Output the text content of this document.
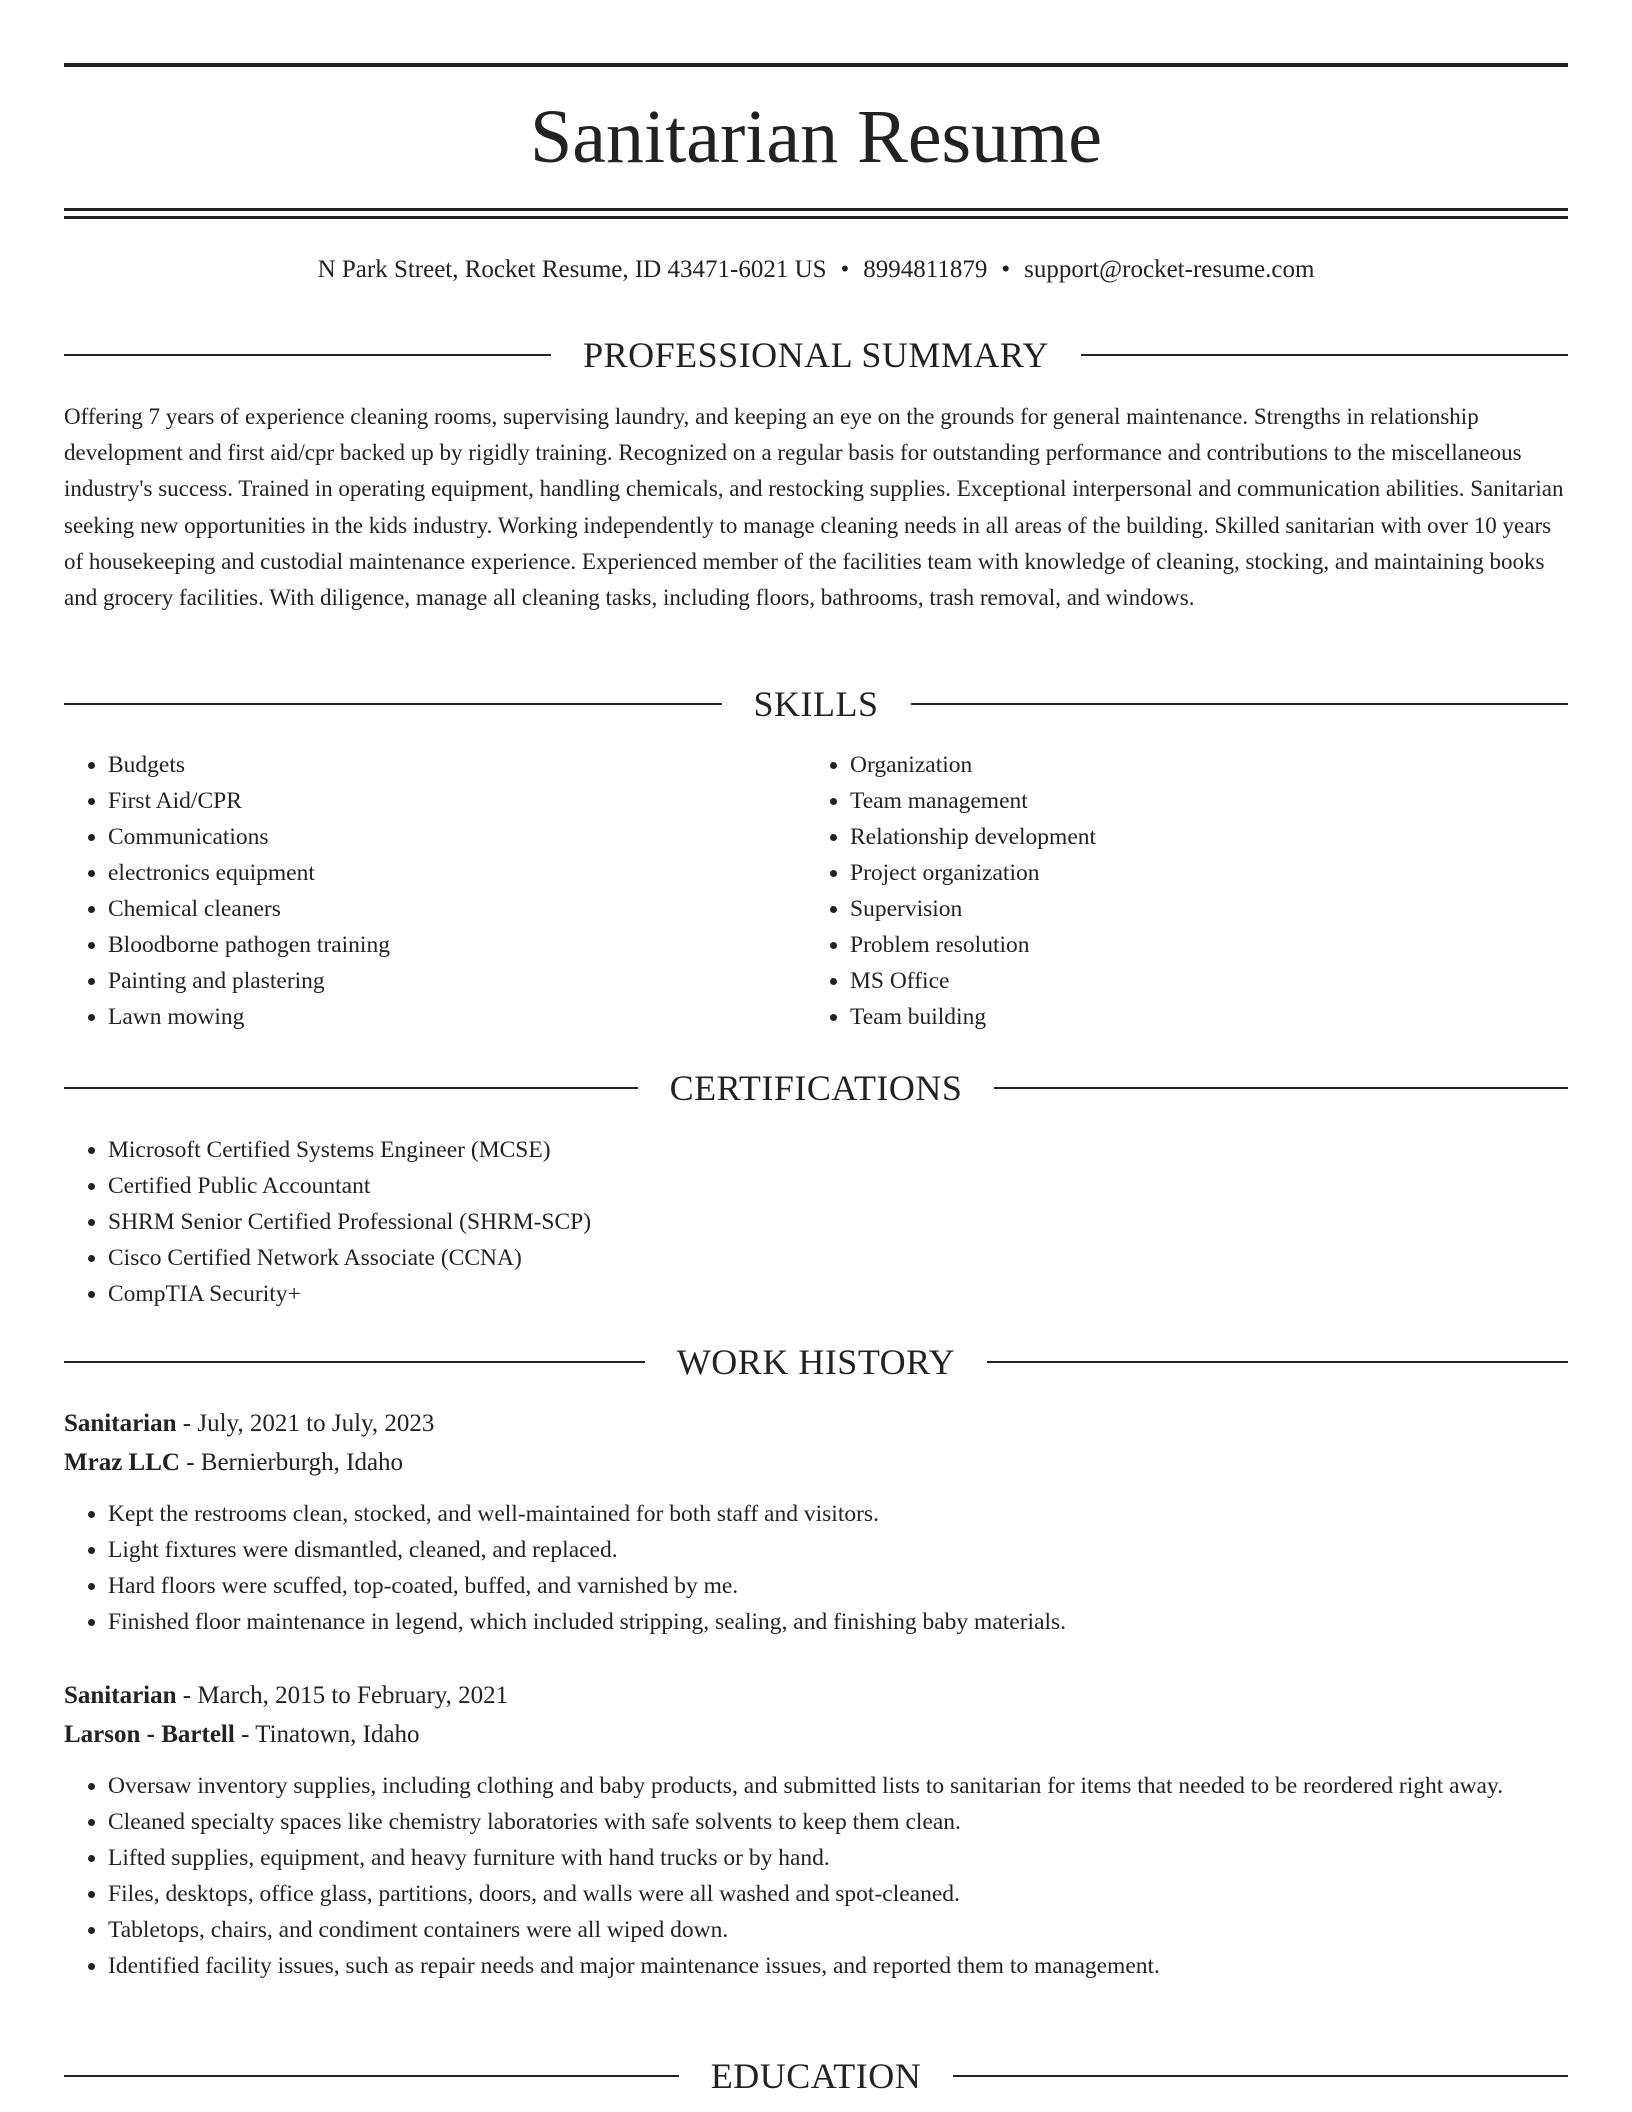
Sanitarian Resume
N Park Street, Rocket Resume, ID 43471-6021 US • 8994811879 • support@rocket-resume.com
PROFESSIONAL SUMMARY

Offering 7 years of experience cleaning rooms, supervising laundry, and keeping an eye on the grounds for general maintenance. Strengths in relationship development and first aid/cpr backed up by rigidly training. Recognized on a regular basis for outstanding performance and contributions to the miscellaneous industry's success. Trained in operating equipment, handling chemicals, and restocking supplies. Exceptional interpersonal and communication abilities. Sanitarian seeking new opportunities in the kids industry. Working independently to manage cleaning needs in all areas of the building. Skilled sanitarian with over 10 years of housekeeping and custodial maintenance experience. Experienced member of the facilities team with knowledge of cleaning, stocking, and maintaining books and grocery facilities. With diligence, manage all cleaning tasks, including floors, bathrooms, trash removal, and windows.

SKILLS
• Budgets
• First Aid/CPR
• Communications
• electronics equipment
• Chemical cleaners
• Bloodborne pathogen training
• Painting and plastering
• Lawn mowing
• Organization
• Team management
• Relationship development
• Project organization
• Supervision
• Problem resolution
• MS Office
• Team building
CERTIFICATIONS
• Microsoft Certified Systems Engineer (MCSE)
• Certified Public Accountant
• SHRM Senior Certified Professional (SHRM-SCP)
• Cisco Certified Network Associate (CCNA)
• CompTIA Security+
WORK HISTORY
Sanitarian - July, 2021 to July, 2023
Mraz LLC - Bernierburgh, Idaho
• Kept the restrooms clean, stocked, and well-maintained for both staff and visitors.
• Light fixtures were dismantled, cleaned, and replaced.
• Hard floors were scuffed, top-coated, buffed, and varnished by me.
• Finished floor maintenance in legend, which included stripping, sealing, and finishing baby materials.
Sanitarian - March, 2015 to February, 2021
Larson - Bartell - Tinatown, Idaho
• Oversaw inventory supplies, including clothing and baby products, and submitted lists to sanitarian for items that needed to be reordered right away.
• Cleaned specialty spaces like chemistry laboratories with safe solvents to keep them clean.
• Lifted supplies, equipment, and heavy furniture with hand trucks or by hand.
• Files, desktops, office glass, partitions, doors, and walls were all washed and spot-cleaned.
• Tabletops, chairs, and condiment containers were all wiped down.
• Identified facility issues, such as repair needs and major maintenance issues, and reported them to management.
EDUCATION
